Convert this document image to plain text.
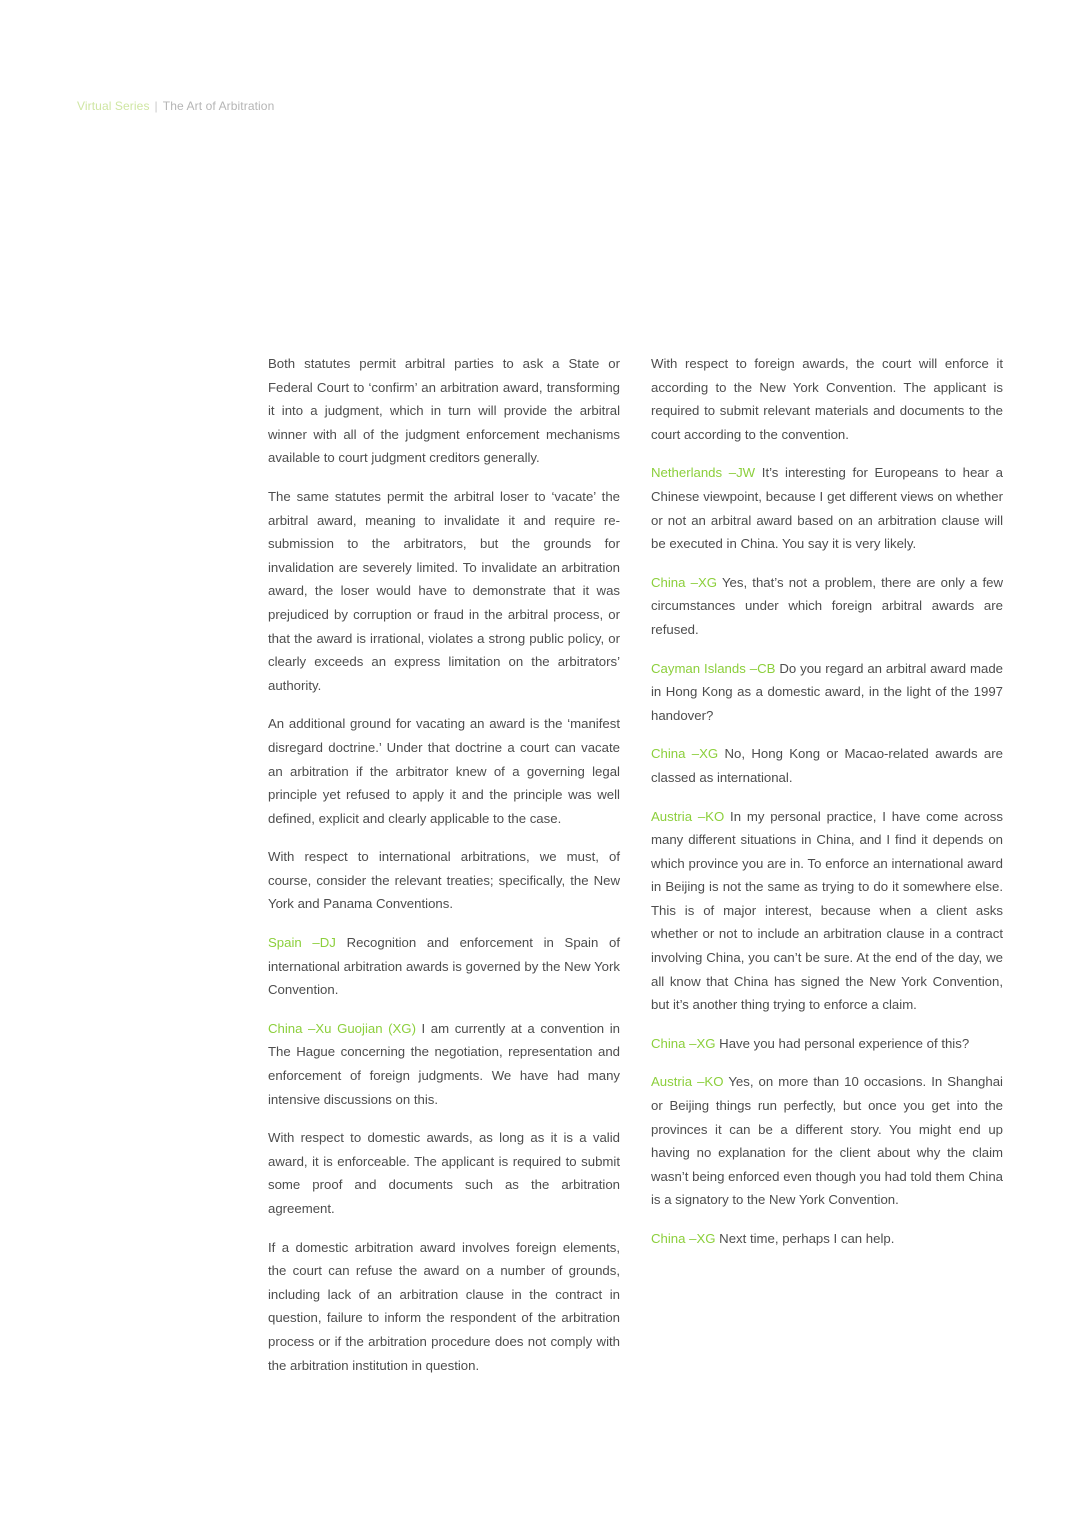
Virtual Series | The Art of Arbitration

Both statutes permit arbitral parties to ask a State or Federal Court to ‘confirm’ an arbitration award, transforming it into a judgment, which in turn will provide the arbitral winner with all of the judgment enforcement mechanisms available to court judgment creditors generally.

The same statutes permit the arbitral loser to ‘vacate’ the arbitral award, meaning to invalidate it and require re-submission to the arbitrators, but the grounds for invalidation are severely limited. To invalidate an arbitration award, the loser would have to demonstrate that it was prejudiced by corruption or fraud in the arbitral process, or that the award is irrational, violates a strong public policy, or clearly exceeds an express limitation on the arbitrators’ authority.

An additional ground for vacating an award is the ‘manifest disregard doctrine.’ Under that doctrine a court can vacate an arbitration if the arbitrator knew of a governing legal principle yet refused to apply it and the principle was well defined, explicit and clearly applicable to the case.

With respect to international arbitrations, we must, of course, consider the relevant treaties; specifically, the New York and Panama Conventions.

Spain –DJ Recognition and enforcement in Spain of international arbitration awards is governed by the New York Convention.

China –Xu Guojian (XG) I am currently at a convention in The Hague concerning the negotiation, representation and enforcement of foreign judgments. We have had many intensive discussions on this.

With respect to domestic awards, as long as it is a valid award, it is enforceable. The applicant is required to submit some proof and documents such as the arbitration agreement.

If a domestic arbitration award involves foreign elements, the court can refuse the award on a number of grounds, including lack of an arbitration clause in the contract in question, failure to inform the respondent of the arbitration process or if the arbitration procedure does not comply with the arbitration institution in question.

With respect to foreign awards, the court will enforce it according to the New York Convention. The applicant is required to submit relevant materials and documents to the court according to the convention.

Netherlands –JW It’s interesting for Europeans to hear a Chinese viewpoint, because I get different views on whether or not an arbitral award based on an arbitration clause will be executed in China. You say it is very likely.

China –XG Yes, that’s not a problem, there are only a few circumstances under which foreign arbitral awards are refused.

Cayman Islands –CB Do you regard an arbitral award made in Hong Kong as a domestic award, in the light of the 1997 handover?

China –XG No, Hong Kong or Macao-related awards are classed as international.

Austria –KO In my personal practice, I have come across many different situations in China, and I find it depends on which province you are in. To enforce an international award in Beijing is not the same as trying to do it somewhere else. This is of major interest, because when a client asks whether or not to include an arbitration clause in a contract involving China, you can’t be sure. At the end of the day, we all know that China has signed the New York Convention, but it’s another thing trying to enforce a claim.

China –XG Have you had personal experience of this?

Austria –KO Yes, on more than 10 occasions. In Shanghai or Beijing things run perfectly, but once you get into the provinces it can be a different story. You might end up having no explanation for the client about why the claim wasn’t being enforced even though you had told them China is a signatory to the New York Convention.

China –XG Next time, perhaps I can help.
